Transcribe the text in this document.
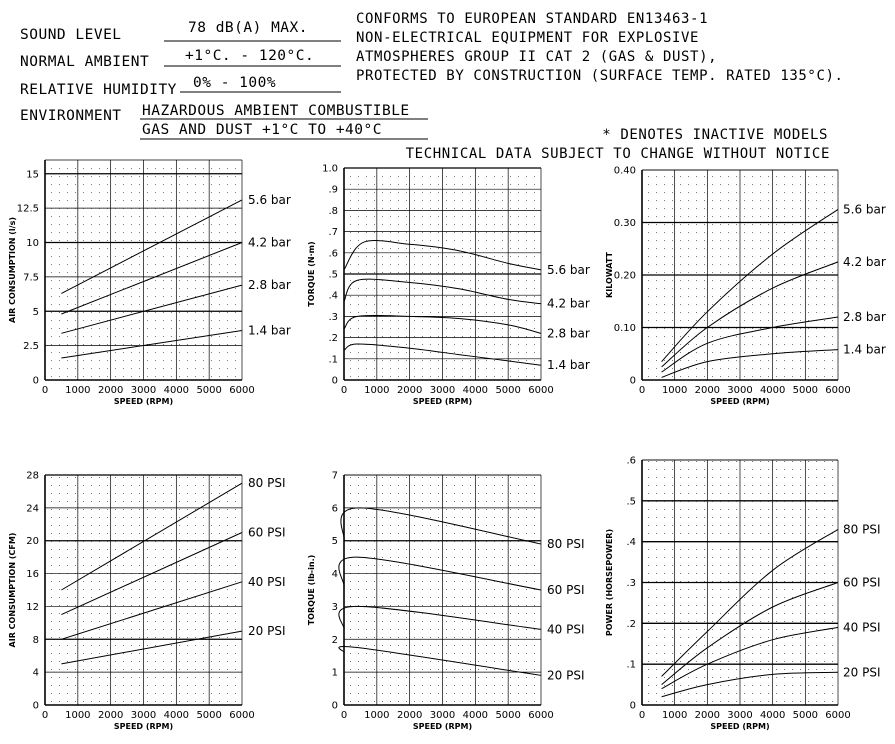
SOUND LEVEL	78 dB(A) MAX.
NORMAL AMBIENT +1°C. - 120°C.
RELATIVE HUMIDITY 0% - 100%
ENVIRONMENT HAZARDOUS AMBIENT COMBUSTIBLE
GAS AND DUST +1°C TO +40°C
CONFORMS TO EUROPEAN STANDARD EN13463-1
NON-ELECTRICAL EQUIPMENT FOR EXPLOSIVE
ATMOSPHERES GROUP II CAT 2 (GAS & DUST),
PROTECTED BY CONSTRUCTION (SURFACE TEMP. RATED 135°C).
* DENOTES INACTIVE MODELS
TECHNICAL DATA SUBJECT TO CHANGE WITHOUT NOTICE
0 1000 2000 3000 4000 5000 6000
0
2.5
5
7.5
10
12.5
15
SPEED (RPM)
AIR CONSUMPTION (l/s)
5.6 bar
4.2 bar
2.8 bar
1.4 bar
0 1000 2000 3000 4000 5000 6000
0
.1
.2
.3
.4
.5
.6
.7
.8
.9
1.0
SPEED (RPM)
TORQUE (N·m)	5.6 bar
4.2 bar
2.8 bar
1.4 bar
0 1000 2000 3000 4000 5000 6000
0
0.10
0.20
0.30
0.40
SPEED (RPM)
KILOWATT
5.6 bar
4.2 bar
2.8 bar
1.4 bar
0 1000 2000 3000 4000 5000 6000
0
4
8
12
16
20
24
28
SPEED (RPM)
AIR CONSUMPTION (CFM)
80 PSI
60 PSI
40 PSI
20 PSI
0 1000 2000 3000 4000 5000 6000
0
1
2
3
4
5
6
7
SPEED (RPM)
TORQUE (lb-in.)
80 PSI
60 PSI
40 PSI
20 PSI
0 1000 2000 3000 4000 5000 6000
0
.1
.2
.3
.4
.5
.6
SPEED (RPM)
POWER (HORSEPOWER)	80 PSI
60 PSI
40 PSI
20 PSI
